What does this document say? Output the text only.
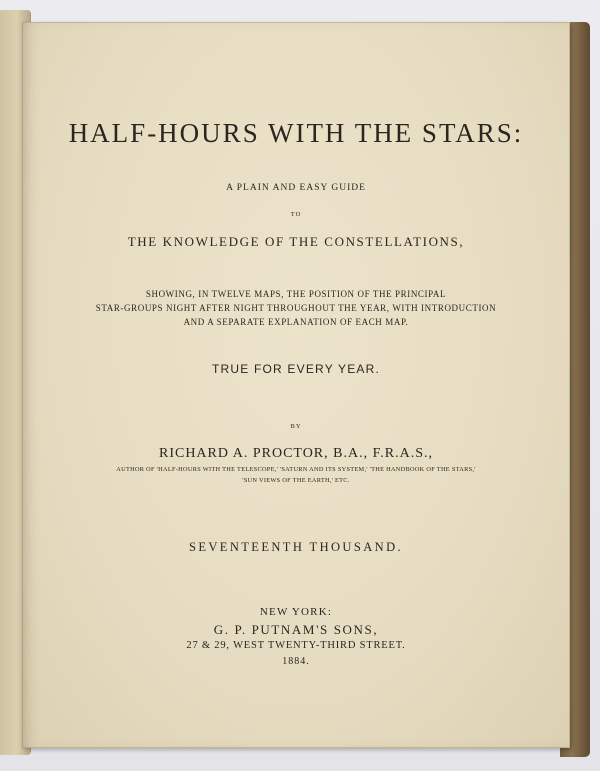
HALF-HOURS WITH THE STARS:
A PLAIN AND EASY GUIDE
TO
THE KNOWLEDGE OF THE CONSTELLATIONS,
SHOWING, IN TWELVE MAPS, THE POSITION OF THE PRINCIPAL
STAR-GROUPS NIGHT AFTER NIGHT THROUGHOUT THE YEAR, WITH INTRODUCTION
AND A SEPARATE EXPLANATION OF EACH MAP.
TRUE FOR EVERY YEAR.
BY
RICHARD A. PROCTOR, B.A., F.R.A.S.,
AUTHOR OF 'HALF-HOURS WITH THE TELESCOPE,' 'SATURN AND ITS SYSTEM,' 'THE HANDBOOK OF THE STARS,'
'SUN VIEWS OF THE EARTH,' ETC.
SEVENTEENTH THOUSAND.
NEW YORK:
G. P. PUTNAM'S SONS,
27 & 29, WEST TWENTY-THIRD STREET.
1884.
